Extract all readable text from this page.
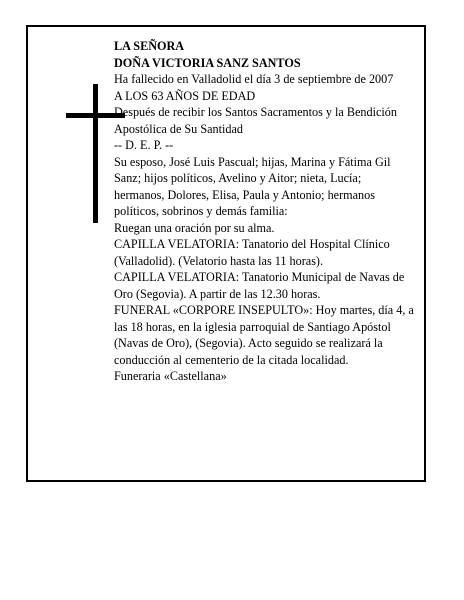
LA SEÑORA
DOÑA VICTORIA SANZ SANTOS
Ha fallecido en Valladolid el día 3 de septiembre de 2007
A LOS 63 AÑOS DE EDAD
Después de recibir los Santos Sacramentos y la Bendición Apostólica de Su Santidad
-- D. E. P. --
Su esposo, José Luis Pascual; hijas, Marina y Fátima Gil Sanz; hijos políticos, Avelino y Aitor; nieta, Lucía; hermanos, Dolores, Elisa, Paula y Antonio; hermanos políticos, sobrinos y demás familia:
Ruegan una oración por su alma.
CAPILLA VELATORIA: Tanatorio del Hospital Clínico (Valladolid). (Velatorio hasta las 11 horas).
CAPILLA VELATORIA: Tanatorio Municipal de Navas de Oro (Segovia). A partir de las 12.30 horas.
FUNERAL «CORPORE INSEPULTO»: Hoy martes, día 4, a las 18 horas, en la iglesia parroquial de Santiago Apóstol (Navas de Oro), (Segovia). Acto seguido se realizará la conducción al cementerio de la citada localidad.
Funeraria «Castellana»
